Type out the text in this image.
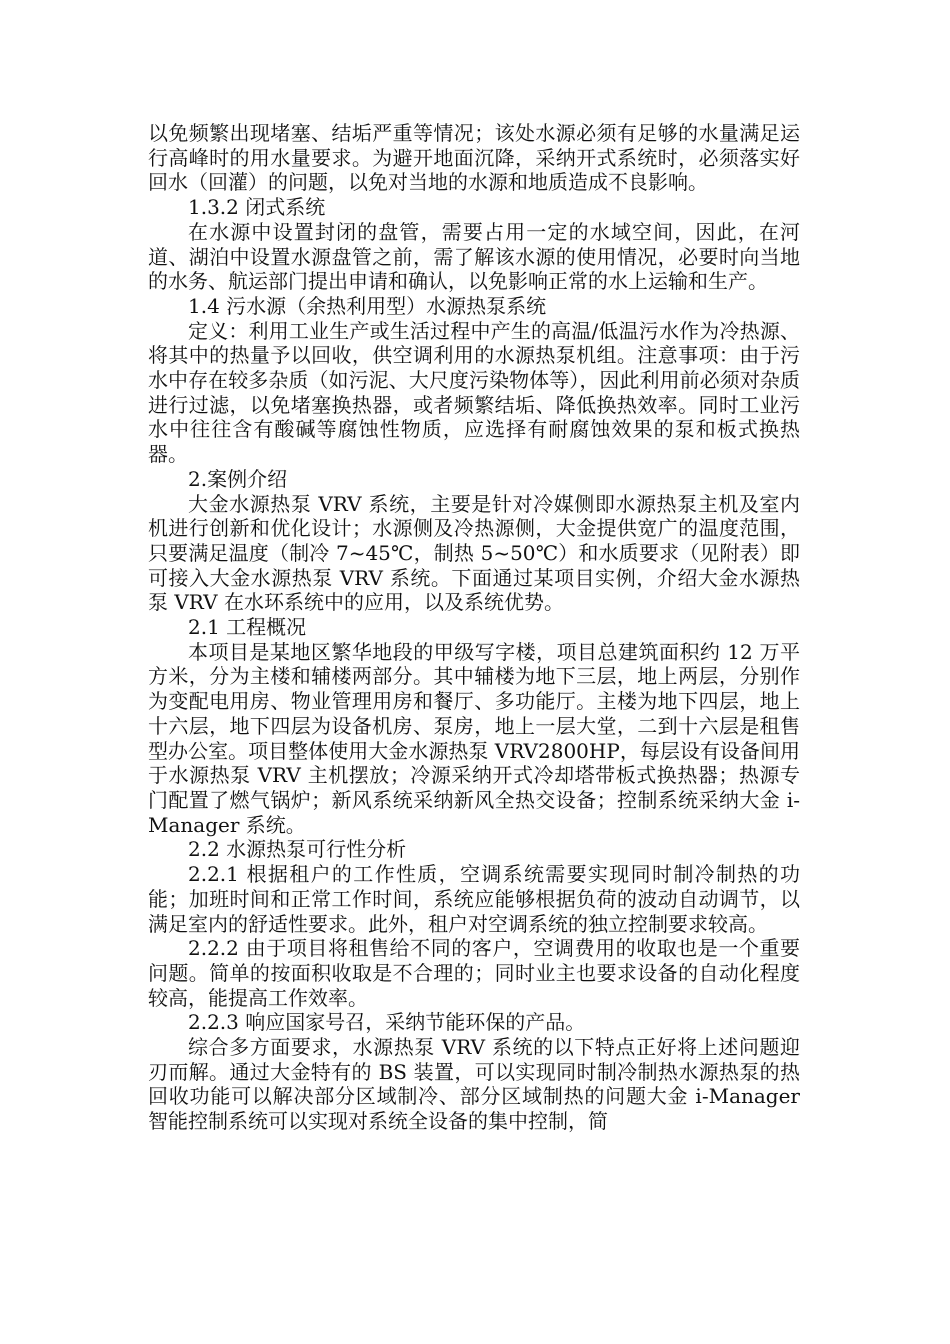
以免频繁出现堵塞、结垢严重等情况；该处水源必须有足够的水量满足运行高峰时的用水量要求。为避开地面沉降，采纳开式系统时，必须落实好回水（回灌）的问题，以免对当地的水源和地质造成不良影响。

1.3.2 闭式系统

在水源中设置封闭的盘管，需要占用一定的水域空间，因此，在河道、湖泊中设置水源盘管之前，需了解该水源的使用情况，必要时向当地的水务、航运部门提出申请和确认，以免影响正常的水上运输和生产。

1.4 污水源（余热利用型）水源热泵系统

定义：利用工业生产或生活过程中产生的高温/低温污水作为冷热源、将其中的热量予以回收，供空调利用的水源热泵机组。注意事项：由于污水中存在较多杂质（如污泥、大尺度污染物体等），因此利用前必须对杂质进行过滤，以免堵塞换热器，或者频繁结垢、降低换热效率。同时工业污水中往往含有酸碱等腐蚀性物质，应选择有耐腐蚀效果的泵和板式换热器。

2.案例介绍

大金水源热泵 VRV 系统，主要是针对冷媒侧即水源热泵主机及室内机进行创新和优化设计；水源侧及冷热源侧，大金提供宽广的温度范围，只要满足温度（制冷 7~45℃，制热 5~50℃）和水质要求（见附表）即可接入大金水源热泵 VRV 系统。下面通过某项目实例，介绍大金水源热泵 VRV 在水环系统中的应用，以及系统优势。

2.1 工程概况

本项目是某地区繁华地段的甲级写字楼，项目总建筑面积约 12 万平方米，分为主楼和辅楼两部分。其中辅楼为地下三层，地上两层，分别作为变配电用房、物业管理用房和餐厅、多功能厅。主楼为地下四层，地上十六层，地下四层为设备机房、泵房，地上一层大堂，二到十六层是租售型办公室。项目整体使用大金水源热泵 VRV2800HP，每层设有设备间用于水源热泵 VRV 主机摆放；冷源采纳开式冷却塔带板式换热器；热源专门配置了燃气锅炉；新风系统采纳新风全热交设备；控制系统采纳大金 i-Manager 系统。

2.2 水源热泵可行性分析

2.2.1 根据租户的工作性质，空调系统需要实现同时制冷制热的功能；加班时间和正常工作时间，系统应能够根据负荷的波动自动调节，以满足室内的舒适性要求。此外，租户对空调系统的独立控制要求较高。

2.2.2 由于项目将租售给不同的客户，空调费用的收取也是一个重要问题。简单的按面积收取是不合理的；同时业主也要求设备的自动化程度较高，能提高工作效率。

2.2.3 响应国家号召，采纳节能环保的产品。

综合多方面要求，水源热泵 VRV 系统的以下特点正好将上述问题迎刃而解。通过大金特有的 BS 装置，可以实现同时制冷制热水源热泵的热回收功能可以解决部分区域制冷、部分区域制热的问题大金 i-Manager 智能控制系统可以实现对系统全设备的集中控制，简
